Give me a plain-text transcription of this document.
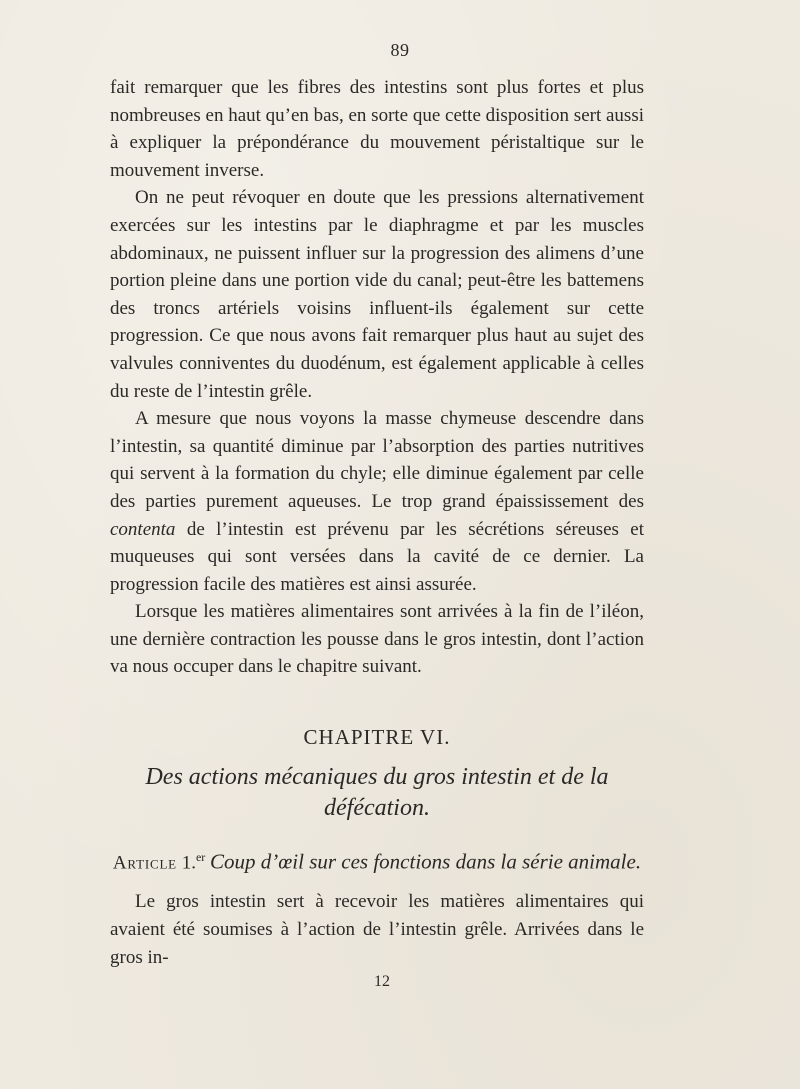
89

fait remarquer que les fibres des intestins sont plus fortes et plus nombreuses en haut qu’en bas, en sorte que cette disposition sert aussi à expliquer la prépondérance du mouvement péristaltique sur le mouvement inverse.

On ne peut révoquer en doute que les pressions alternativement exercées sur les intestins par le diaphragme et par les muscles abdominaux, ne puissent influer sur la progression des alimens d’une portion pleine dans une portion vide du canal; peut-être les battemens des troncs artériels voisins influent-ils également sur cette progression. Ce que nous avons fait remarquer plus haut au sujet des valvules conniventes du duodénum, est également applicable à celles du reste de l’intestin grêle.

A mesure que nous voyons la masse chymeuse descendre dans l’intestin, sa quantité diminue par l’absorption des parties nutritives qui servent à la formation du chyle; elle diminue également par celle des parties purement aqueuses. Le trop grand épaississement des contenta de l’intestin est prévenu par les sécrétions séreuses et muqueuses qui sont versées dans la cavité de ce dernier. La progression facile des matières est ainsi assurée.

Lorsque les matières alimentaires sont arrivées à la fin de l’iléon, une dernière contraction les pousse dans le gros intestin, dont l’action va nous occuper dans le chapitre suivant.

CHAPITRE VI.
Des actions mécaniques du gros intestin et de la défécation.
Article 1.$^{er}$ Coup d’œil sur ces fonctions dans la série animale.

Le gros intestin sert à recevoir les matières alimentaires qui avaient été soumises à l’action de l’intestin grêle. Arrivées dans le gros in-

12
